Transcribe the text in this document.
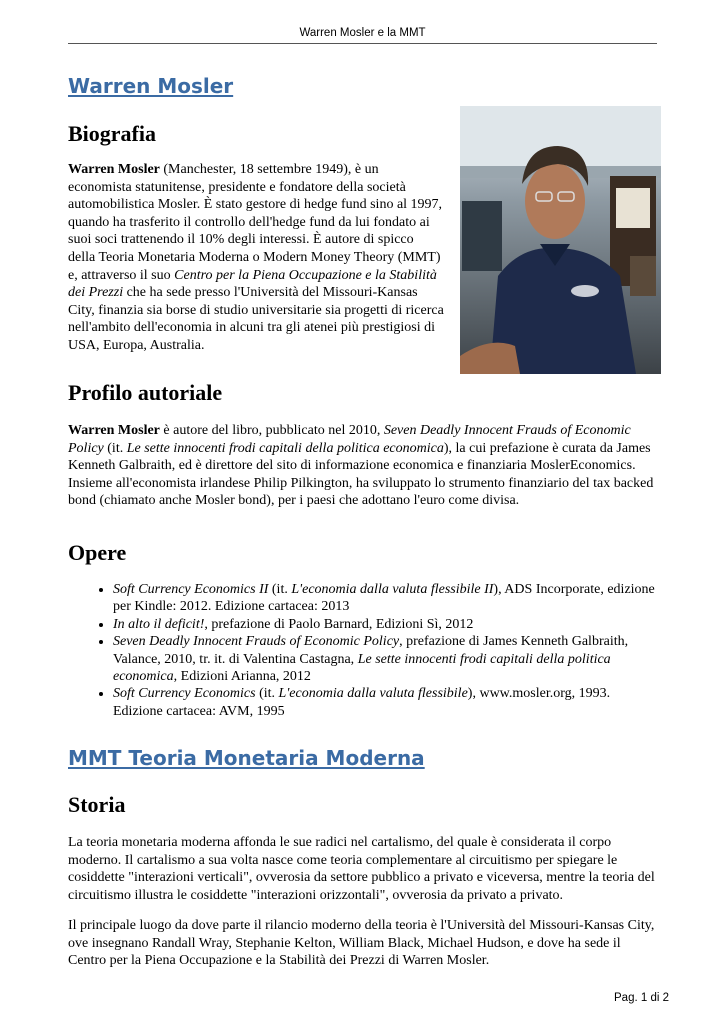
Warren Mosler e la MMT
Warren Mosler
Biografia

Warren Mosler (Manchester, 18 settembre 1949), è un economista statunitense, presidente e fondatore della società automobilistica Mosler. È stato gestore di hedge fund sino al 1997, quando ha trasferito il controllo dell'hedge fund da lui fondato ai suoi soci trattenendo il 10% degli interessi. È autore di spicco della Teoria Monetaria Moderna o Modern Money Theory (MMT) e, attraverso il suo Centro per la Piena Occupazione e la Stabilità dei Prezzi che ha sede presso l'Università del Missouri-Kansas City, finanzia sia borse di studio universitarie sia progetti di ricerca nell'ambito dell'economia in alcuni tra gli atenei più prestigiosi di USA, Europa, Australia.

Profilo autoriale

Warren Mosler è autore del libro, pubblicato nel 2010, Seven Deadly Innocent Frauds of Economic Policy (it. Le sette innocenti frodi capitali della politica economica), la cui prefazione è curata da James Kenneth Galbraith, ed è direttore del sito di informazione economica e finanziaria MoslerEconomics. Insieme all'economista irlandese Philip Pilkington, ha sviluppato lo strumento finanziario del tax backed bond (chiamato anche Mosler bond), per i paesi che adottano l'euro come divisa.

Opere
• Soft Currency Economics II (it. L'economia dalla valuta flessibile II), ADS Incorporate, edizione per Kindle: 2012. Edizione cartacea: 2013
• In alto il deficit!, prefazione di Paolo Barnard, Edizioni Sì, 2012
• Seven Deadly Innocent Frauds of Economic Policy, prefazione di James Kenneth Galbraith, Valance, 2010, tr. it. di Valentina Castagna, Le sette innocenti frodi capitali della politica economica, Edizioni Arianna, 2012
• Soft Currency Economics (it. L'economia dalla valuta flessibile), www.mosler.org, 1993. Edizione cartacea: AVM, 1995
MMT Teoria Monetaria Moderna
Storia

La teoria monetaria moderna affonda le sue radici nel cartalismo, del quale è considerata il corpo moderno. Il cartalismo a sua volta nasce come teoria complementare al circuitismo per spiegare le cosiddette "interazioni verticali", ovverosia da settore pubblico a privato e viceversa, mentre la teoria del circuitismo illustra le cosiddette "interazioni orizzontali", ovverosia da privato a privato.

Il principale luogo da dove parte il rilancio moderno della teoria è l'Università del Missouri-Kansas City, ove insegnano Randall Wray, Stephanie Kelton, William Black, Michael Hudson, e dove ha sede il Centro per la Piena Occupazione e la Stabilità dei Prezzi di Warren Mosler.

Pag. 1 di 2
